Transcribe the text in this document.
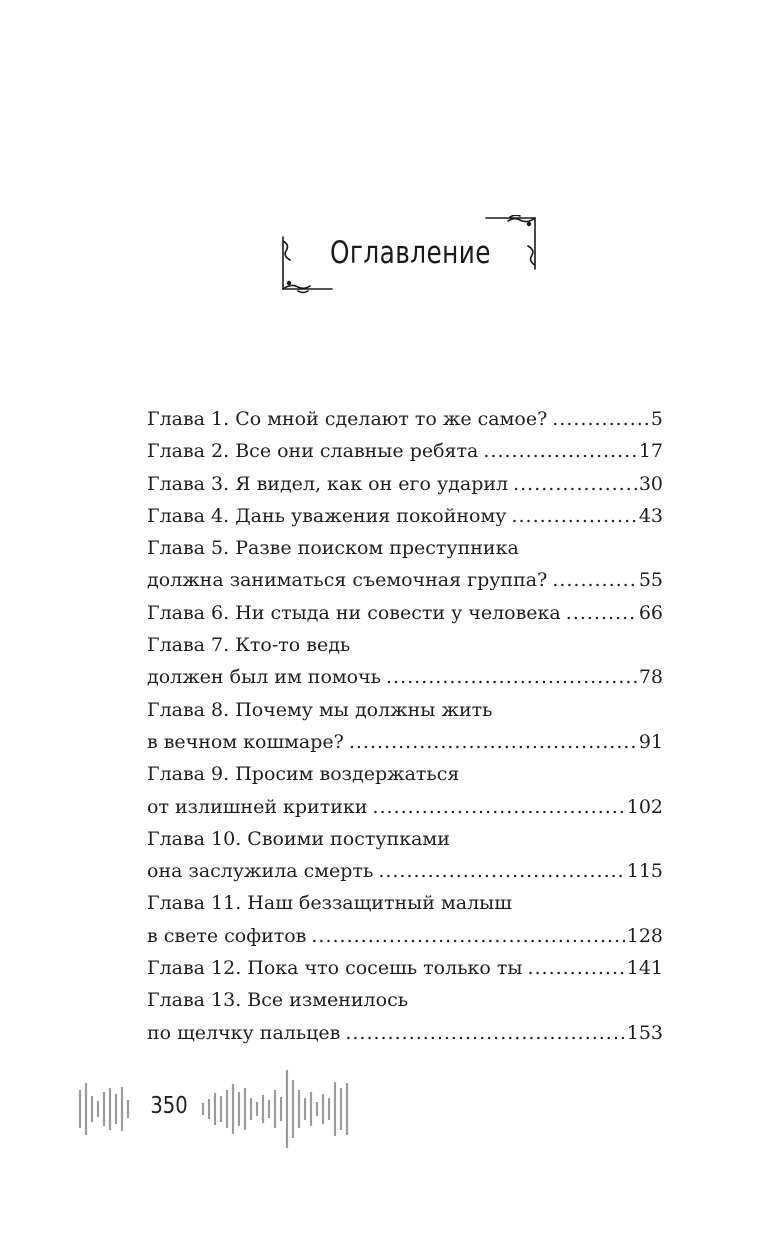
Оглавление
Глава 1. Со мной сделают то же самое? .....	5
Глава 2. Все они славные ребята .....	17
Глава 3. Я видел, как он его ударил .....	30
Глава 4. Дань уважения покойному .....	43
Глава 5. Разве поиском преступника
должна заниматься съемочная группа? .....	55
Глава 6. Ни стыда ни совести у человека .....	66
Глава 7. Кто-то ведь
должен был им помочь .....	78
Глава 8. Почему мы должны жить
в вечном кошмаре? .....	91
Глава 9. Просим воздержаться
от излишней критики .....	102
Глава 10. Своими поступками
она заслужила смерть .....	115
Глава 11. Наш беззащитный малыш
в свете софитов .....	128
Глава 12. Пока что сосешь только ты .....	141
Глава 13. Все изменилось
по щелчку пальцев .....	153
350
